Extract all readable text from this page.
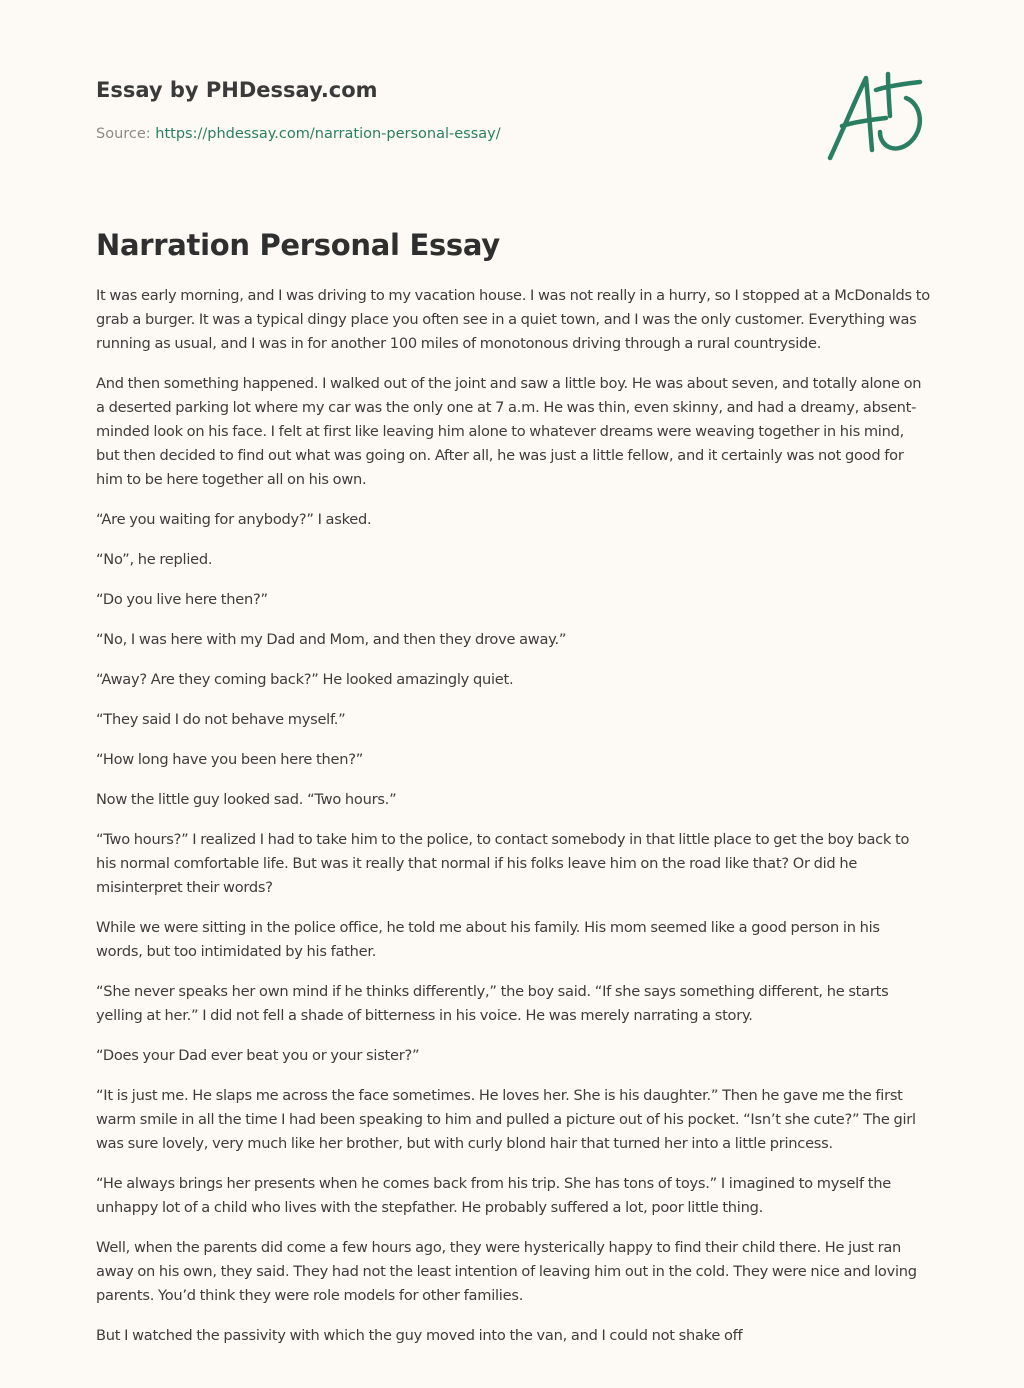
Essay by PHDessay.com
Source: https://phdessay.com/narration-personal-essay/
Narration Personal Essay

It was early morning, and I was driving to my vacation house. I was not really in a hurry, so I stopped at a McDonalds to grab a burger. It was a typical dingy place you often see in a quiet town, and I was the only customer. Everything was running as usual, and I was in for another 100 miles of monotonous driving through a rural countryside.

And then something happened. I walked out of the joint and saw a little boy. He was about seven, and totally alone on a deserted parking lot where my car was the only one at 7 a.m. He was thin, even skinny, and had a dreamy, absent-minded look on his face. I felt at first like leaving him alone to whatever dreams were weaving together in his mind, but then decided to find out what was going on. After all, he was just a little fellow, and it certainly was not good for him to be here together all on his own.

“Are you waiting for anybody?” I asked.

“No”, he replied.

“Do you live here then?”

“No, I was here with my Dad and Mom, and then they drove away.”

“Away? Are they coming back?” He looked amazingly quiet.

“They said I do not behave myself.”

“How long have you been here then?”

Now the little guy looked sad. “Two hours.”

“Two hours?” I realized I had to take him to the police, to contact somebody in that little place to get the boy back to his normal comfortable life. But was it really that normal if his folks leave him on the road like that? Or did he misinterpret their words?

While we were sitting in the police office, he told me about his family. His mom seemed like a good person in his words, but too intimidated by his father.

“She never speaks her own mind if he thinks differently,” the boy said. “If she says something different, he starts yelling at her.” I did not fell a shade of bitterness in his voice. He was merely narrating a story.

“Does your Dad ever beat you or your sister?”

“It is just me. He slaps me across the face sometimes. He loves her. She is his daughter.” Then he gave me the first warm smile in all the time I had been speaking to him and pulled a picture out of his pocket. “Isn’t she cute?” The girl was sure lovely, very much like her brother, but with curly blond hair that turned her into a little princess.

“He always brings her presents when he comes back from his trip. She has tons of toys.” I imagined to myself the unhappy lot of a child who lives with the stepfather. He probably suffered a lot, poor little thing.

Well, when the parents did come a few hours ago, they were hysterically happy to find their child there. He just ran away on his own, they said. They had not the least intention of leaving him out in the cold. They were nice and loving parents. You’d think they were role models for other families.

But I watched the passivity with which the guy moved into the van, and I could not shake off
